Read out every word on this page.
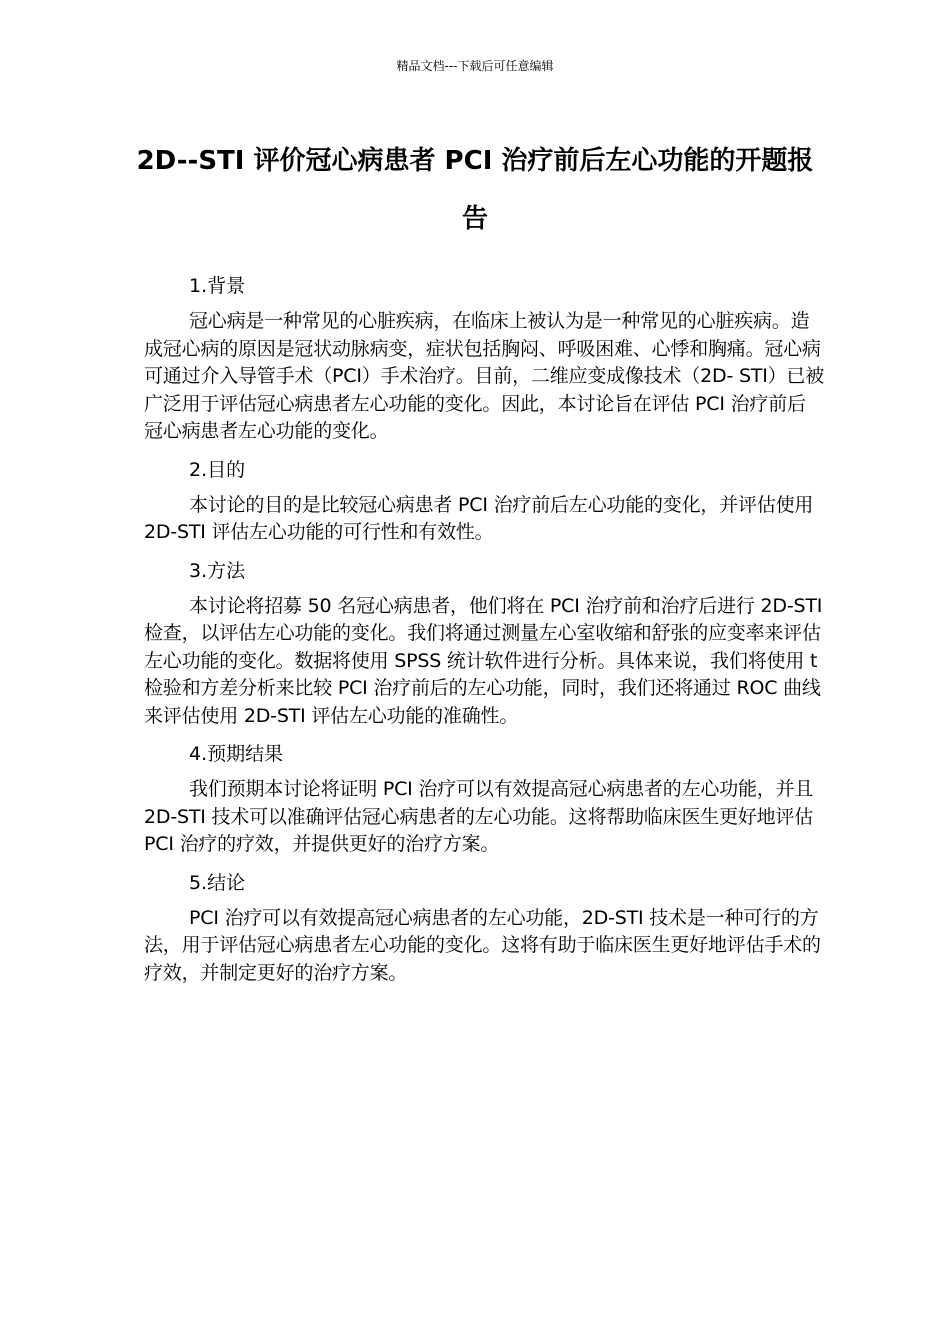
精品文档---下载后可任意编辑
2D--STI 评价冠心病患者 PCI 治疗前后左心功能的开题报告
1.背景

冠心病是一种常见的心脏疾病，在临床上被认为是一种常见的心脏疾病。造成冠心病的原因是冠状动脉病变，症状包括胸闷、呼吸困难、心悸和胸痛。冠心病可通过介入导管手术（PCI）手术治疗。目前，二维应变成像技术（2D- STI）已被广泛用于评估冠心病患者左心功能的变化。因此，本讨论旨在评估 PCI 治疗前后冠心病患者左心功能的变化。

2.目的

本讨论的目的是比较冠心病患者 PCI 治疗前后左心功能的变化，并评估使用 2D-STI 评估左心功能的可行性和有效性。

3.方法

本讨论将招募 50 名冠心病患者，他们将在 PCI 治疗前和治疗后进行 2D-STI 检查，以评估左心功能的变化。我们将通过测量左心室收缩和舒张的应变率来评估左心功能的变化。数据将使用 SPSS 统计软件进行分析。具体来说，我们将使用 t 检验和方差分析来比较 PCI 治疗前后的左心功能，同时，我们还将通过 ROC 曲线来评估使用 2D-STI 评估左心功能的准确性。

4.预期结果

我们预期本讨论将证明 PCI 治疗可以有效提高冠心病患者的左心功能，并且 2D-STI 技术可以准确评估冠心病患者的左心功能。这将帮助临床医生更好地评估 PCI 治疗的疗效，并提供更好的治疗方案。

5.结论

PCI 治疗可以有效提高冠心病患者的左心功能，2D-STI 技术是一种可行的方法，用于评估冠心病患者左心功能的变化。这将有助于临床医生更好地评估手术的疗效，并制定更好的治疗方案。
